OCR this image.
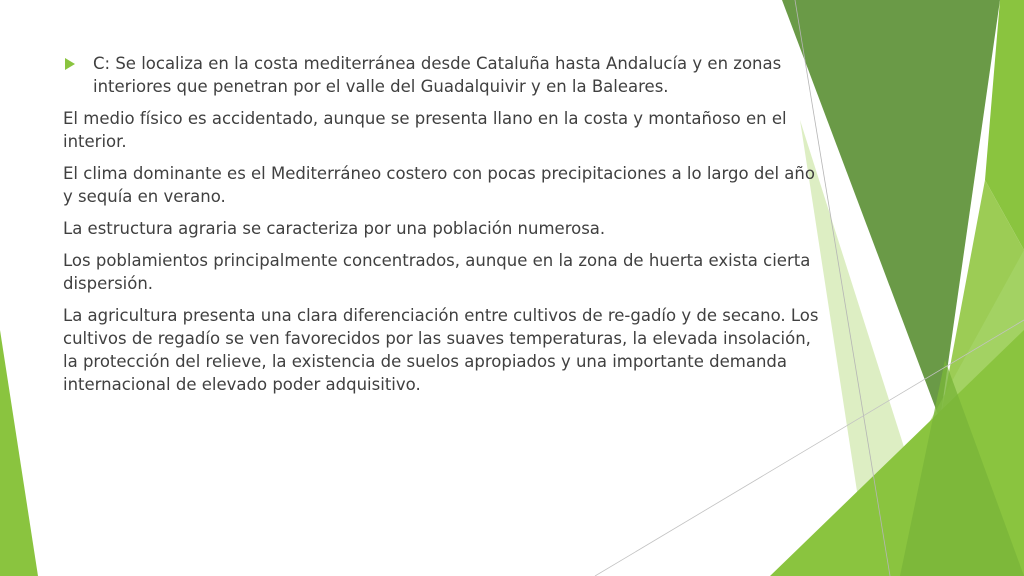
C: Se localiza en la costa mediterránea desde Cataluña hasta Andalucía y en zonas interiores que penetran por el valle del Guadalquivir y en la Baleares.

El medio físico es accidentado, aunque se presenta llano en la costa y montañoso en el interior.

El clima dominante es el Mediterráneo costero con pocas precipitaciones a lo largo del año y sequía en verano.

La estructura agraria se caracteriza por una población numerosa.

Los poblamientos principalmente concentrados, aunque en la zona de huerta exista cierta dispersión.

La agricultura presenta una clara diferenciación entre cultivos de re-gadío y de secano. Los cultivos de regadío se ven favorecidos por las suaves temperaturas, la elevada insolación, la protección del relieve, la existencia de suelos apropiados y una importante demanda internacional de elevado poder adquisitivo.
